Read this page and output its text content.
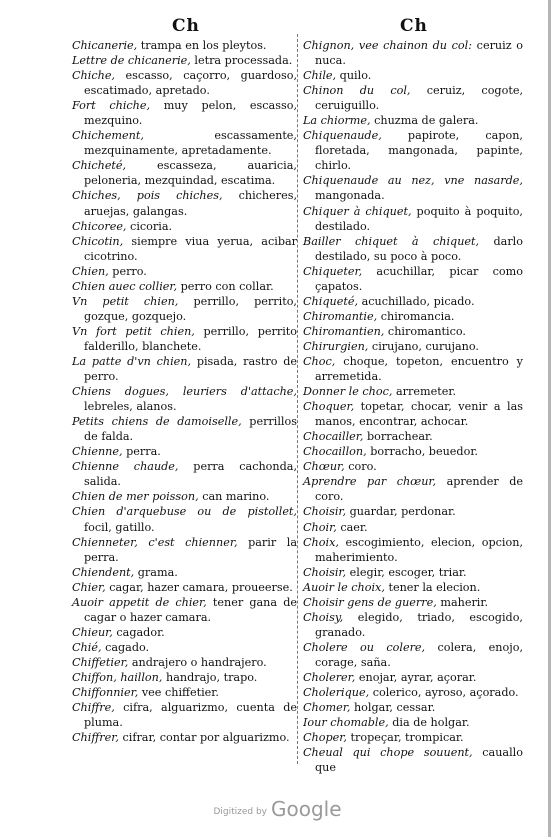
Ch	Ch

Chicanerie, trampa en los pleytos.

Lettre de chicanerie, letra processada.

Chiche, escasso, caçorro, guardoso, escatimado, apretado.

Fort chiche, muy pelon, escasso, mezquino.

Chichement, escassamente, mezquinamente, apretadamente.

Chicheté, escasseza, auaricia, peloneria, mezquindad, escatima.

Chiches, pois chiches, chicheres, aruejas, galangas.

Chicoree, cicoria.

Chicotin, siempre viua yerua, acibar cicotrino.

Chien, perro.

Chien auec collier, perro con collar.

Vn petit chien, perrillo, perrito, gozque, gozquejo.

Vn fort petit chien, perrillo, perrito falderillo, blanchete.

La patte d'vn chien, pisada, rastro de perro.

Chiens dogues, leuriers d'attache, lebreles, alanos.

Petits chiens de damoiselle, perrillos de falda.

Chienne, perra.

Chienne chaude, perra cachonda, salida.

Chien de mer poisson, can marino.

Chien d'arquebuse ou de pistollet, focil, gatillo.

Chienneter, c'est chienner, parir la perra.

Chiendent, grama.

Chier, cagar, hazer camara, proueerse.

Auoir appetit de chier, tener gana de cagar o hazer camara.

Chieur, cagador.

Chié, cagado.

Chiffetier, andrajero o handrajero.

Chiffon, haillon, handrajo, trapo.

Chiffonnier, vee chiffetier.

Chiffre, cifra, alguarizmo, cuenta de pluma.

Chiffrer, cifrar, contar por alguarizmo.

Chignon, vee chainon du col: ceruiz o nuca.

Chile, quilo.

Chinon du col, ceruiz, cogote, ceruiguillo.

La chiorme, chuzma de galera.

Chiquenaude, papirote, capon, floretada, mangonada, papinte, chirlo.

Chiquenaude au nez, vne nasarde, mangonada.

Chiquer à chiquet, poquito à poquito, destilado.

Bailler chiquet à chiquet, darlo destilado, su poco à poco.

Chiqueter, acuchillar, picar como çapatos.

Chiqueté, acuchillado, picado.

Chiromantie, chiromancia.

Chiromantien, chiromantico.

Chirurgien, cirujano, curujano.

Choc, choque, topeton, encuentro y arremetida.

Donner le choc, arremeter.

Choquer, topetar, chocar, venir a las manos, encontrar, achocar.

Chocailler, borrachear.

Chocaillon, borracho, beuedor.

Chœur, coro.

Aprendre par chœur, aprender de coro.

Choisir, guardar, perdonar.

Choir, caer.

Choix, escogimiento, elecion, opcion, maherimiento.

Choisir, elegir, escoger, triar.

Auoir le choix, tener la elecion.

Choisir gens de guerre, maherir.

Choisy, elegido, triado, escogido, granado.

Cholere ou colere, colera, enojo, corage, saña.

Cholerer, enojar, ayrar, açorar.

Cholerique, colerico, ayroso, açorado.

Chomer, holgar, cessar.

Iour chomable, dia de holgar.

Choper, tropeçar, trompicar.

Cheual qui chope souuent, cauallo que

Digitized by Google
